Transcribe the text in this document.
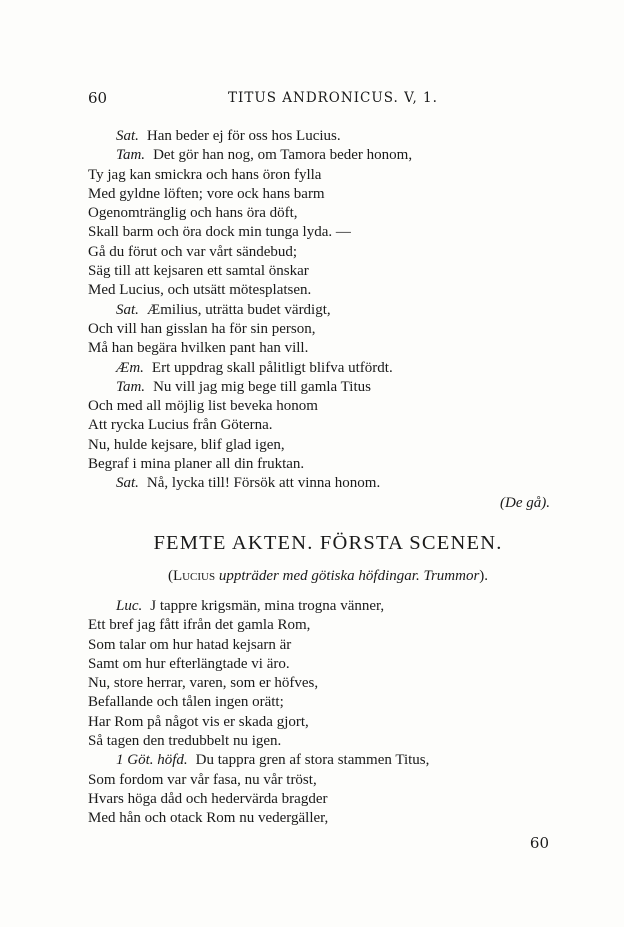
60	TITUS ANDRONICUS. V, 1.
Sat. Han beder ej för oss hos Lucius.
Tam. Det gör han nog, om Tamora beder honom,
Ty jag kan smickra och hans öron fylla
Med gyldne löften; vore ock hans barm
Ogenomtränglig och hans öra döft,
Skall barm och öra dock min tunga lyda. —
Gå du förut och var vårt sändebud;
Säg till att kejsaren ett samtal önskar
Med Lucius, och utsätt mötesplatsen.
Sat. Æmilius, uträtta budet värdigt,
Och vill han gisslan ha för sin person,
Må han begära hvilken pant han vill.
Æm. Ert uppdrag skall pålitligt blifva utfördt.
Tam. Nu vill jag mig bege till gamla Titus
Och med all möjlig list beveka honom
Att rycka Lucius från Göterna.
Nu, hulde kejsare, blif glad igen,
Begraf i mina planer all din fruktan.
Sat. Nå, lycka till! Försök att vinna honom.
(De gå).
FEMTE AKTEN. FÖRSTA SCENEN.
(Lucius uppträder med götiska höfdingar. Trummor).
Luc. J tappre krigsmän, mina trogna vänner,
Ett bref jag fått ifrån det gamla Rom,
Som talar om hur hatad kejsarn är
Samt om hur efterlängtade vi äro.
Nu, store herrar, varen, som er höfves,
Befallande och tålen ingen orätt;
Har Rom på något vis er skada gjort,
Så tagen den tredubbelt nu igen.
1 Göt. höfd. Du tappra gren af stora stammen Titus,
Som fordom var vår fasa, nu vår tröst,
Hvars höga dåd och hedervärda bragder
Med hån och otack Rom nu vedergäller,
60
